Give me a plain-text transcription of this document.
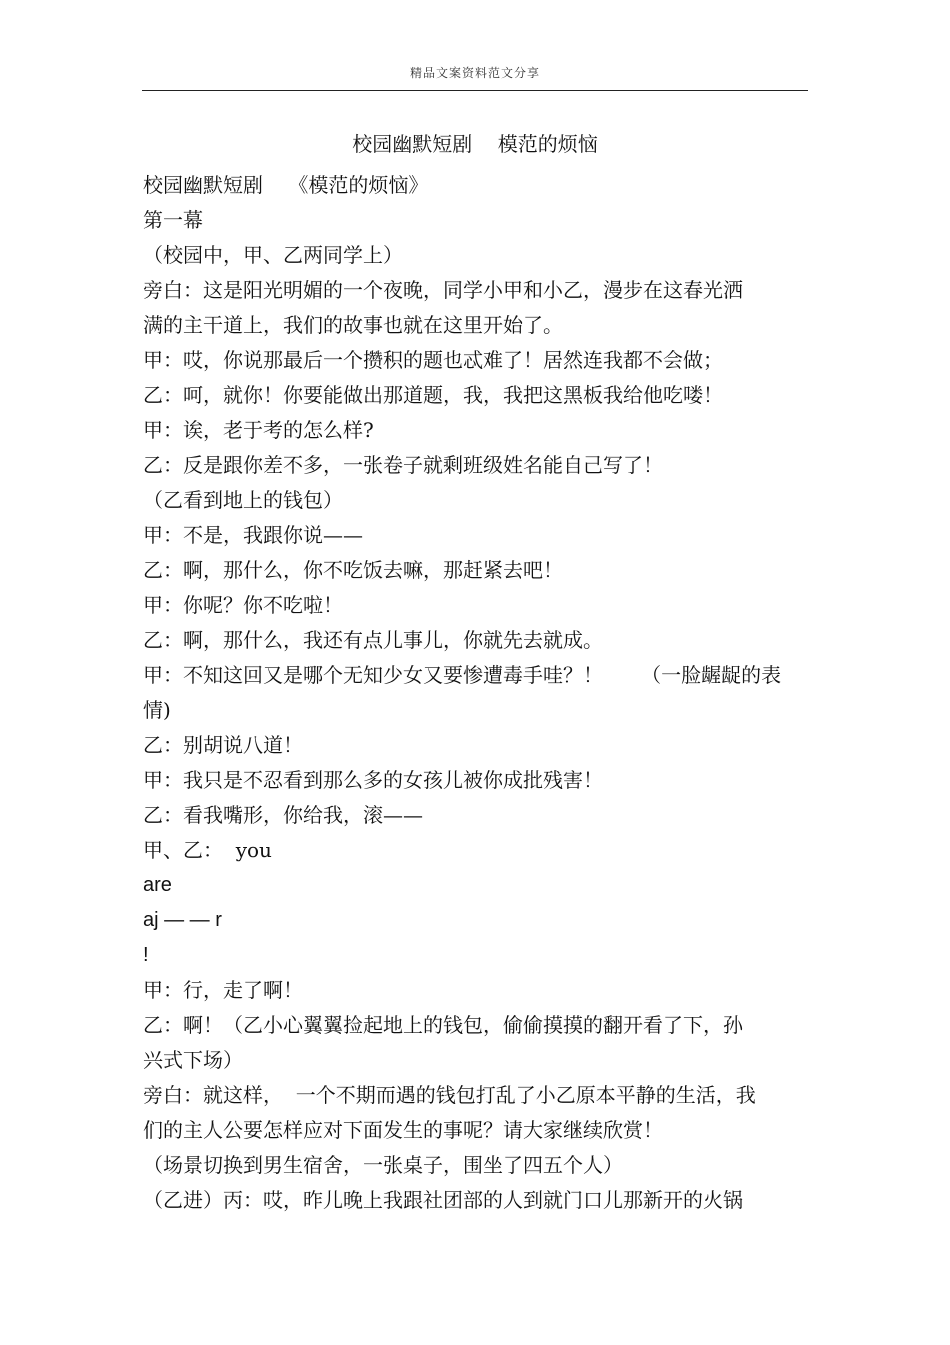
精品文案资料范文分享
校园幽默短剧    模范的烦恼
校园幽默短剧    《模范的烦恼》
第一幕
（校园中，甲、乙两同学上）
旁白：这是阳光明媚的一个夜晚，同学小甲和小乙，漫步在这春光洒
满的主干道上，我们的故事也就在这里开始了。
甲：哎，你说那最后一个攒积的题也忒难了！居然连我都不会做；
乙：呵，就你！你要能做出那道题，我，我把这黑板我给他吃喽！
甲：诶，老于考的怎么样?
乙：反是跟你差不多，一张卷子就剩班级姓名能自己写了！
（乙看到地上的钱包）
甲：不是，我跟你说——
乙：啊，那什么，你不吃饭去嘛，那赶紧去吧！
甲：你呢？你不吃啦！
乙：啊，那什么，我还有点儿事儿，你就先去就成。
甲：不知这回又是哪个无知少女又要惨遭毒手哇？！      （一脸龌龊的表
情)
乙：别胡说八道！
甲：我只是不忍看到那么多的女孩儿被你成批残害！
乙：看我嘴形，你给我，滚——
甲、乙：  you
are
aj — — r
!
甲：行，走了啊！
乙：啊！（乙小心翼翼捡起地上的钱包，偷偷摸摸的翻开看了下，孙
兴式下场）
旁白：就这样，  一个不期而遇的钱包打乱了小乙原本平静的生活，我
们的主人公要怎样应对下面发生的事呢？请大家继续欣赏！
（场景切换到男生宿舍，一张桌子，围坐了四五个人）
（乙进）丙：哎，昨儿晚上我跟社团部的人到就门口儿那新开的火锅
